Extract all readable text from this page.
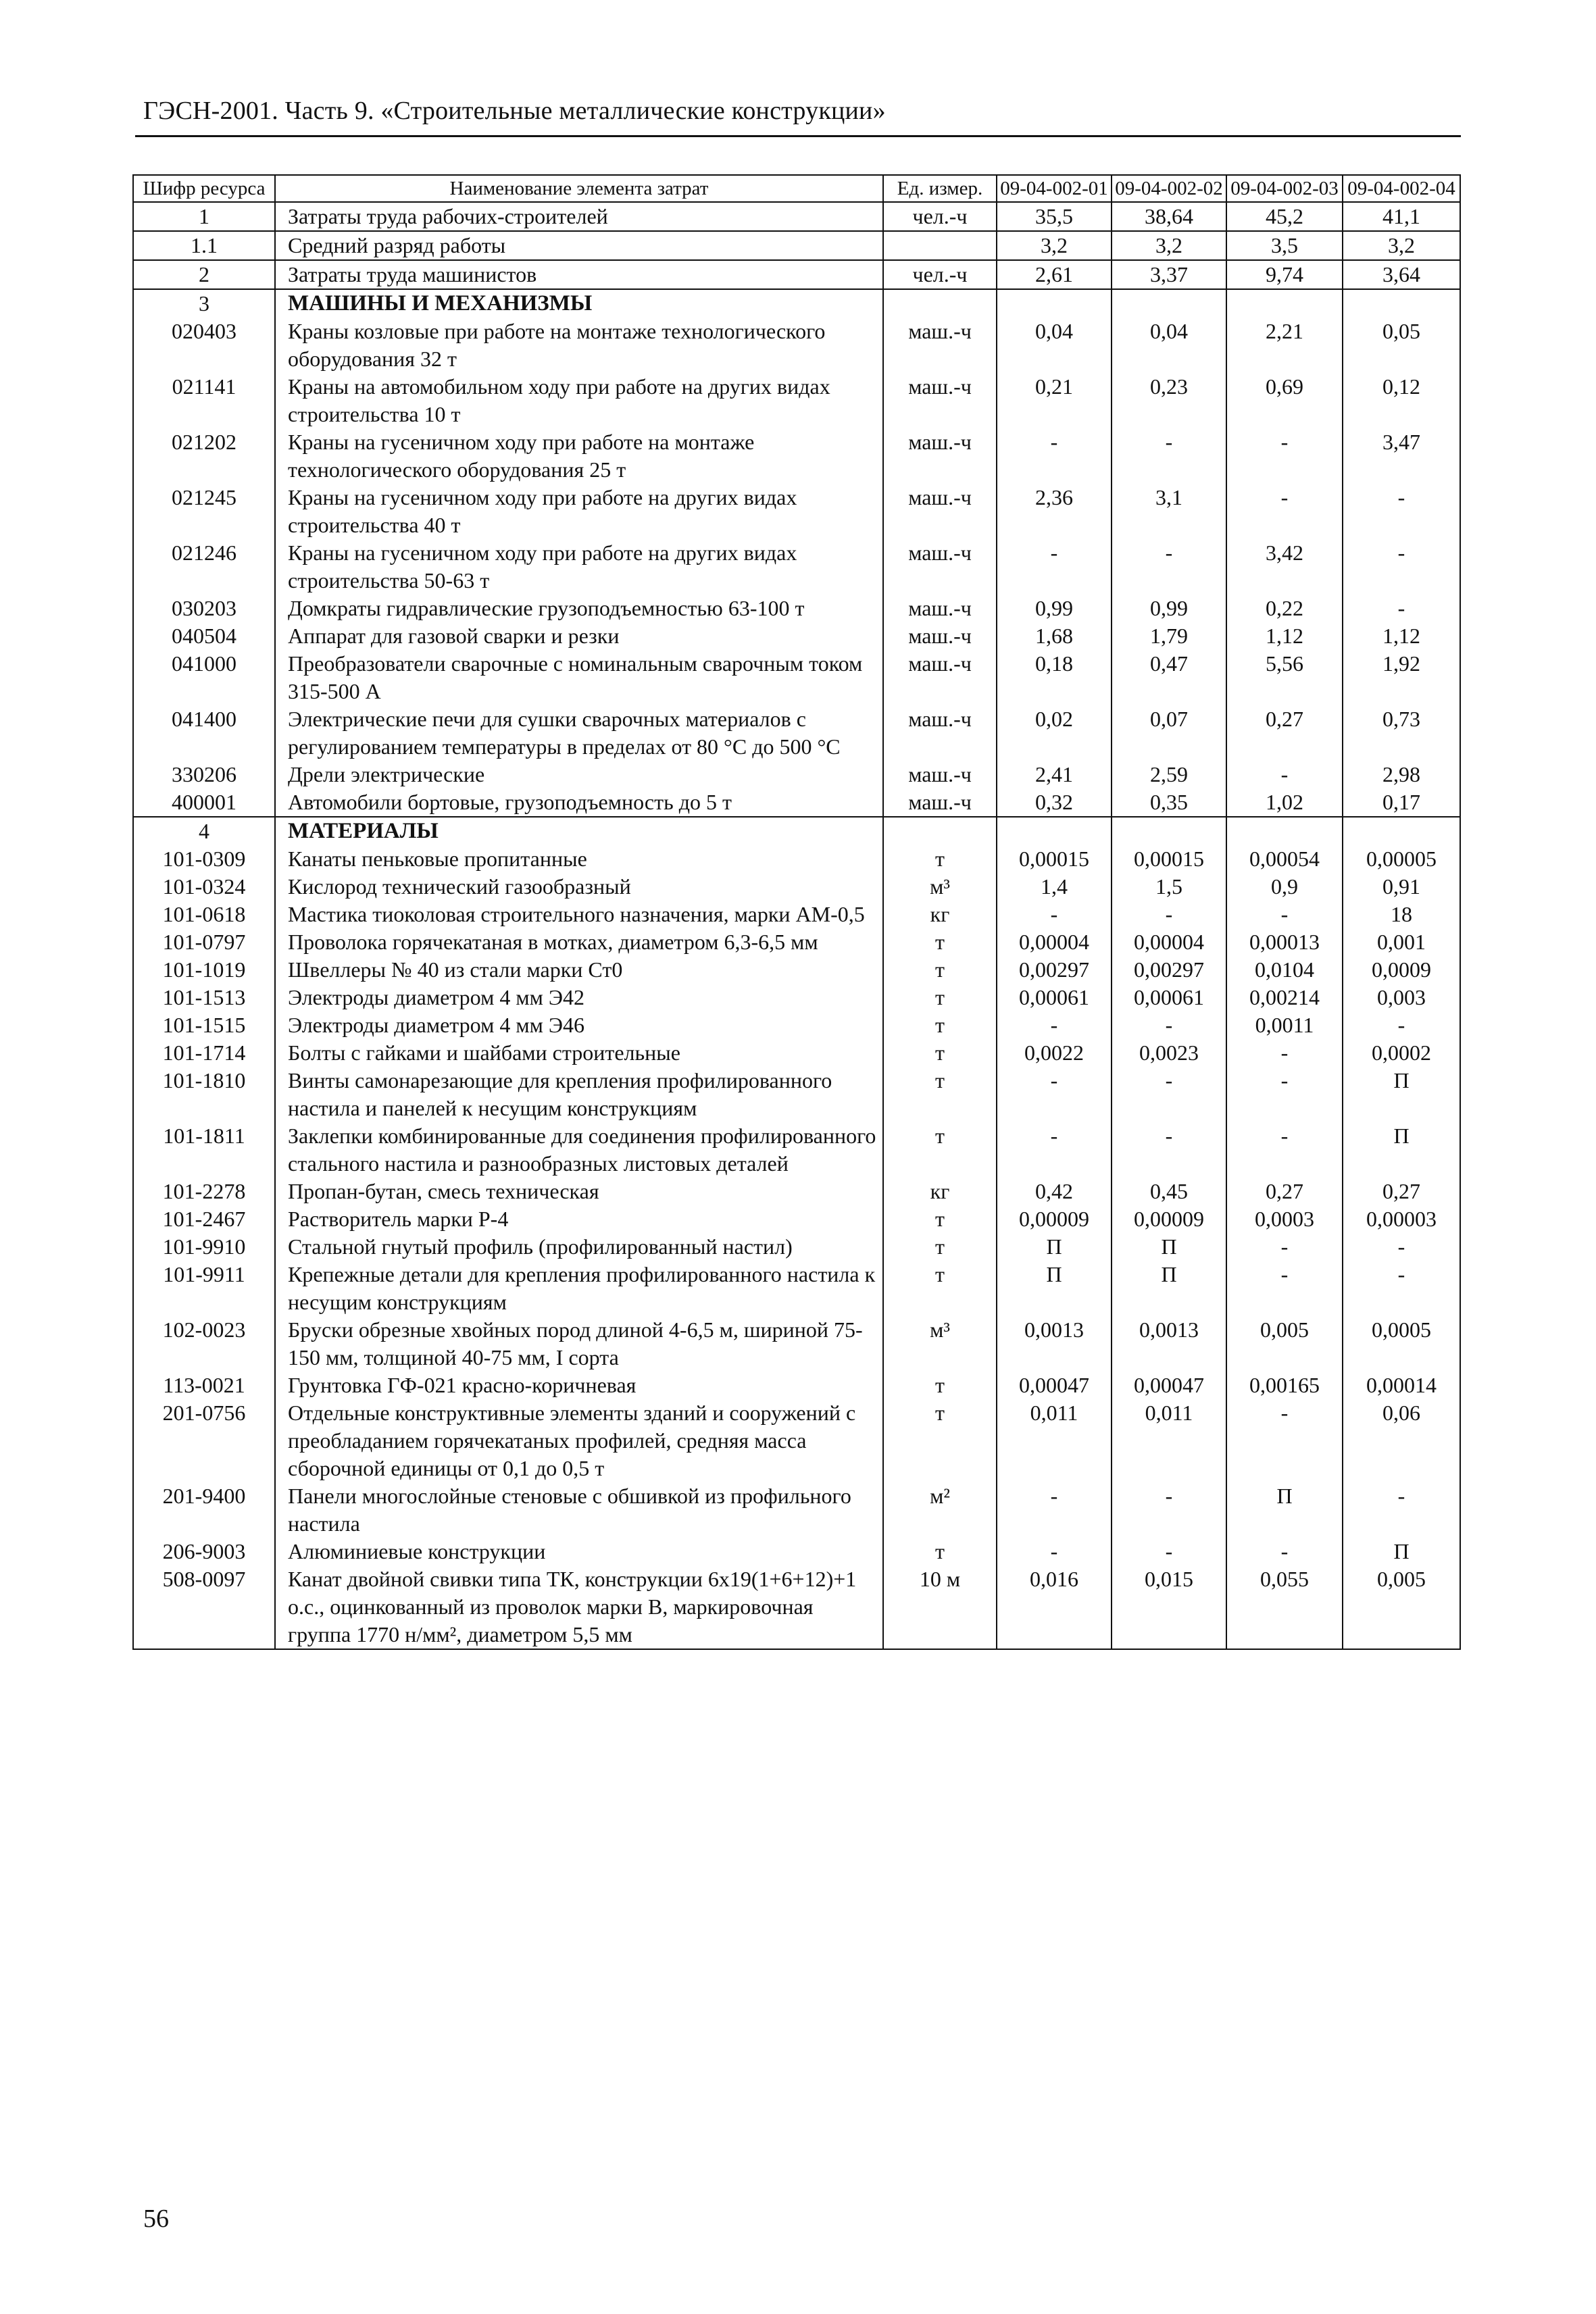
ГЭСН-2001. Часть 9. «Строительные металлические конструкции»
Шифр ресурса	Наименование элемента затрат	Ед. измер.	09-04-002-01	09-04-002-02	09-04-002-03	09-04-002-04
1	Затраты труда рабочих-строителей	чел.-ч	35,5	38,64	45,2	41,1
1.1	Средний разряд работы		3,2	3,2	3,5	3,2
2	Затраты труда машинистов	чел.-ч	2,61	3,37	9,74	3,64
3	МАШИНЫ И МЕХАНИЗМЫ					
020403	Краны козловые при работе на монтаже технологического оборудования 32 т	маш.-ч	0,04	0,04	2,21	0,05
021141	Краны на автомобильном ходу при работе на других видах строительства 10 т	маш.-ч	0,21	0,23	0,69	0,12
021202	Краны на гусеничном ходу при работе на монтаже технологического оборудования 25 т	маш.-ч	-	-	-	3,47
021245	Краны на гусеничном ходу при работе на других видах строительства 40 т	маш.-ч	2,36	3,1	-	-
021246	Краны на гусеничном ходу при работе на других видах строительства 50-63 т	маш.-ч	-	-	3,42	-
030203	Домкраты гидравлические грузоподъемностью 63-100 т	маш.-ч	0,99	0,99	0,22	-
040504	Аппарат для газовой сварки и резки	маш.-ч	1,68	1,79	1,12	1,12
041000	Преобразователи сварочные с номинальным сварочным током 315-500 А	маш.-ч	0,18	0,47	5,56	1,92
041400	Электрические печи для сушки сварочных материалов с регулированием температуры в пределах от 80 °С до 500 °С	маш.-ч	0,02	0,07	0,27	0,73
330206	Дрели электрические	маш.-ч	2,41	2,59	-	2,98
400001	Автомобили бортовые, грузоподъемность до 5 т	маш.-ч	0,32	0,35	1,02	0,17
4	МАТЕРИАЛЫ					
101-0309	Канаты пеньковые пропитанные	т	0,00015	0,00015	0,00054	0,00005
101-0324	Кислород технический газообразный	м³	1,4	1,5	0,9	0,91
101-0618	Мастика тиоколовая строительного назначения, марки АМ-0,5	кг	-	-	-	18
101-0797	Проволока горячекатаная в мотках, диаметром 6,3-6,5 мм	т	0,00004	0,00004	0,00013	0,001
101-1019	Швеллеры № 40 из стали марки Ст0	т	0,00297	0,00297	0,0104	0,0009
101-1513	Электроды диаметром 4 мм Э42	т	0,00061	0,00061	0,00214	0,003
101-1515	Электроды диаметром 4 мм Э46	т	-	-	0,0011	-
101-1714	Болты с гайками и шайбами строительные	т	0,0022	0,0023	-	0,0002
101-1810	Винты самонарезающие для крепления профилированного настила и панелей к несущим конструкциям	т	-	-	-	П
101-1811	Заклепки комбинированные для соединения профилированного стального настила и разнообразных листовых деталей	т	-	-	-	П
101-2278	Пропан-бутан, смесь техническая	кг	0,42	0,45	0,27	0,27
101-2467	Растворитель марки Р-4	т	0,00009	0,00009	0,0003	0,00003
101-9910	Стальной гнутый профиль (профилированный настил)	т	П	П	-	-
101-9911	Крепежные детали для крепления профилированного настила к несущим конструкциям	т	П	П	-	-
102-0023	Бруски обрезные хвойных пород длиной 4-6,5 м, шириной 75-150 мм, толщиной 40-75 мм, I сорта	м³	0,0013	0,0013	0,005	0,0005
113-0021	Грунтовка ГФ-021 красно-коричневая	т	0,00047	0,00047	0,00165	0,00014
201-0756	Отдельные конструктивные элементы зданий и сооружений с преобладанием горячекатаных профилей, средняя масса сборочной единицы от 0,1 до 0,5 т	т	0,011	0,011	-	0,06
201-9400	Панели многослойные стеновые с обшивкой из профильного настила	м²	-	-	П	-
206-9003	Алюминиевые конструкции	т	-	-	-	П
508-0097	Канат двойной свивки типа ТК, конструкции 6х19(1+6+12)+1 о.с., оцинкованный из проволок марки В, маркировочная группа 1770 н/мм², диаметром 5,5 мм	10 м	0,016	0,015	0,055	0,005
56
